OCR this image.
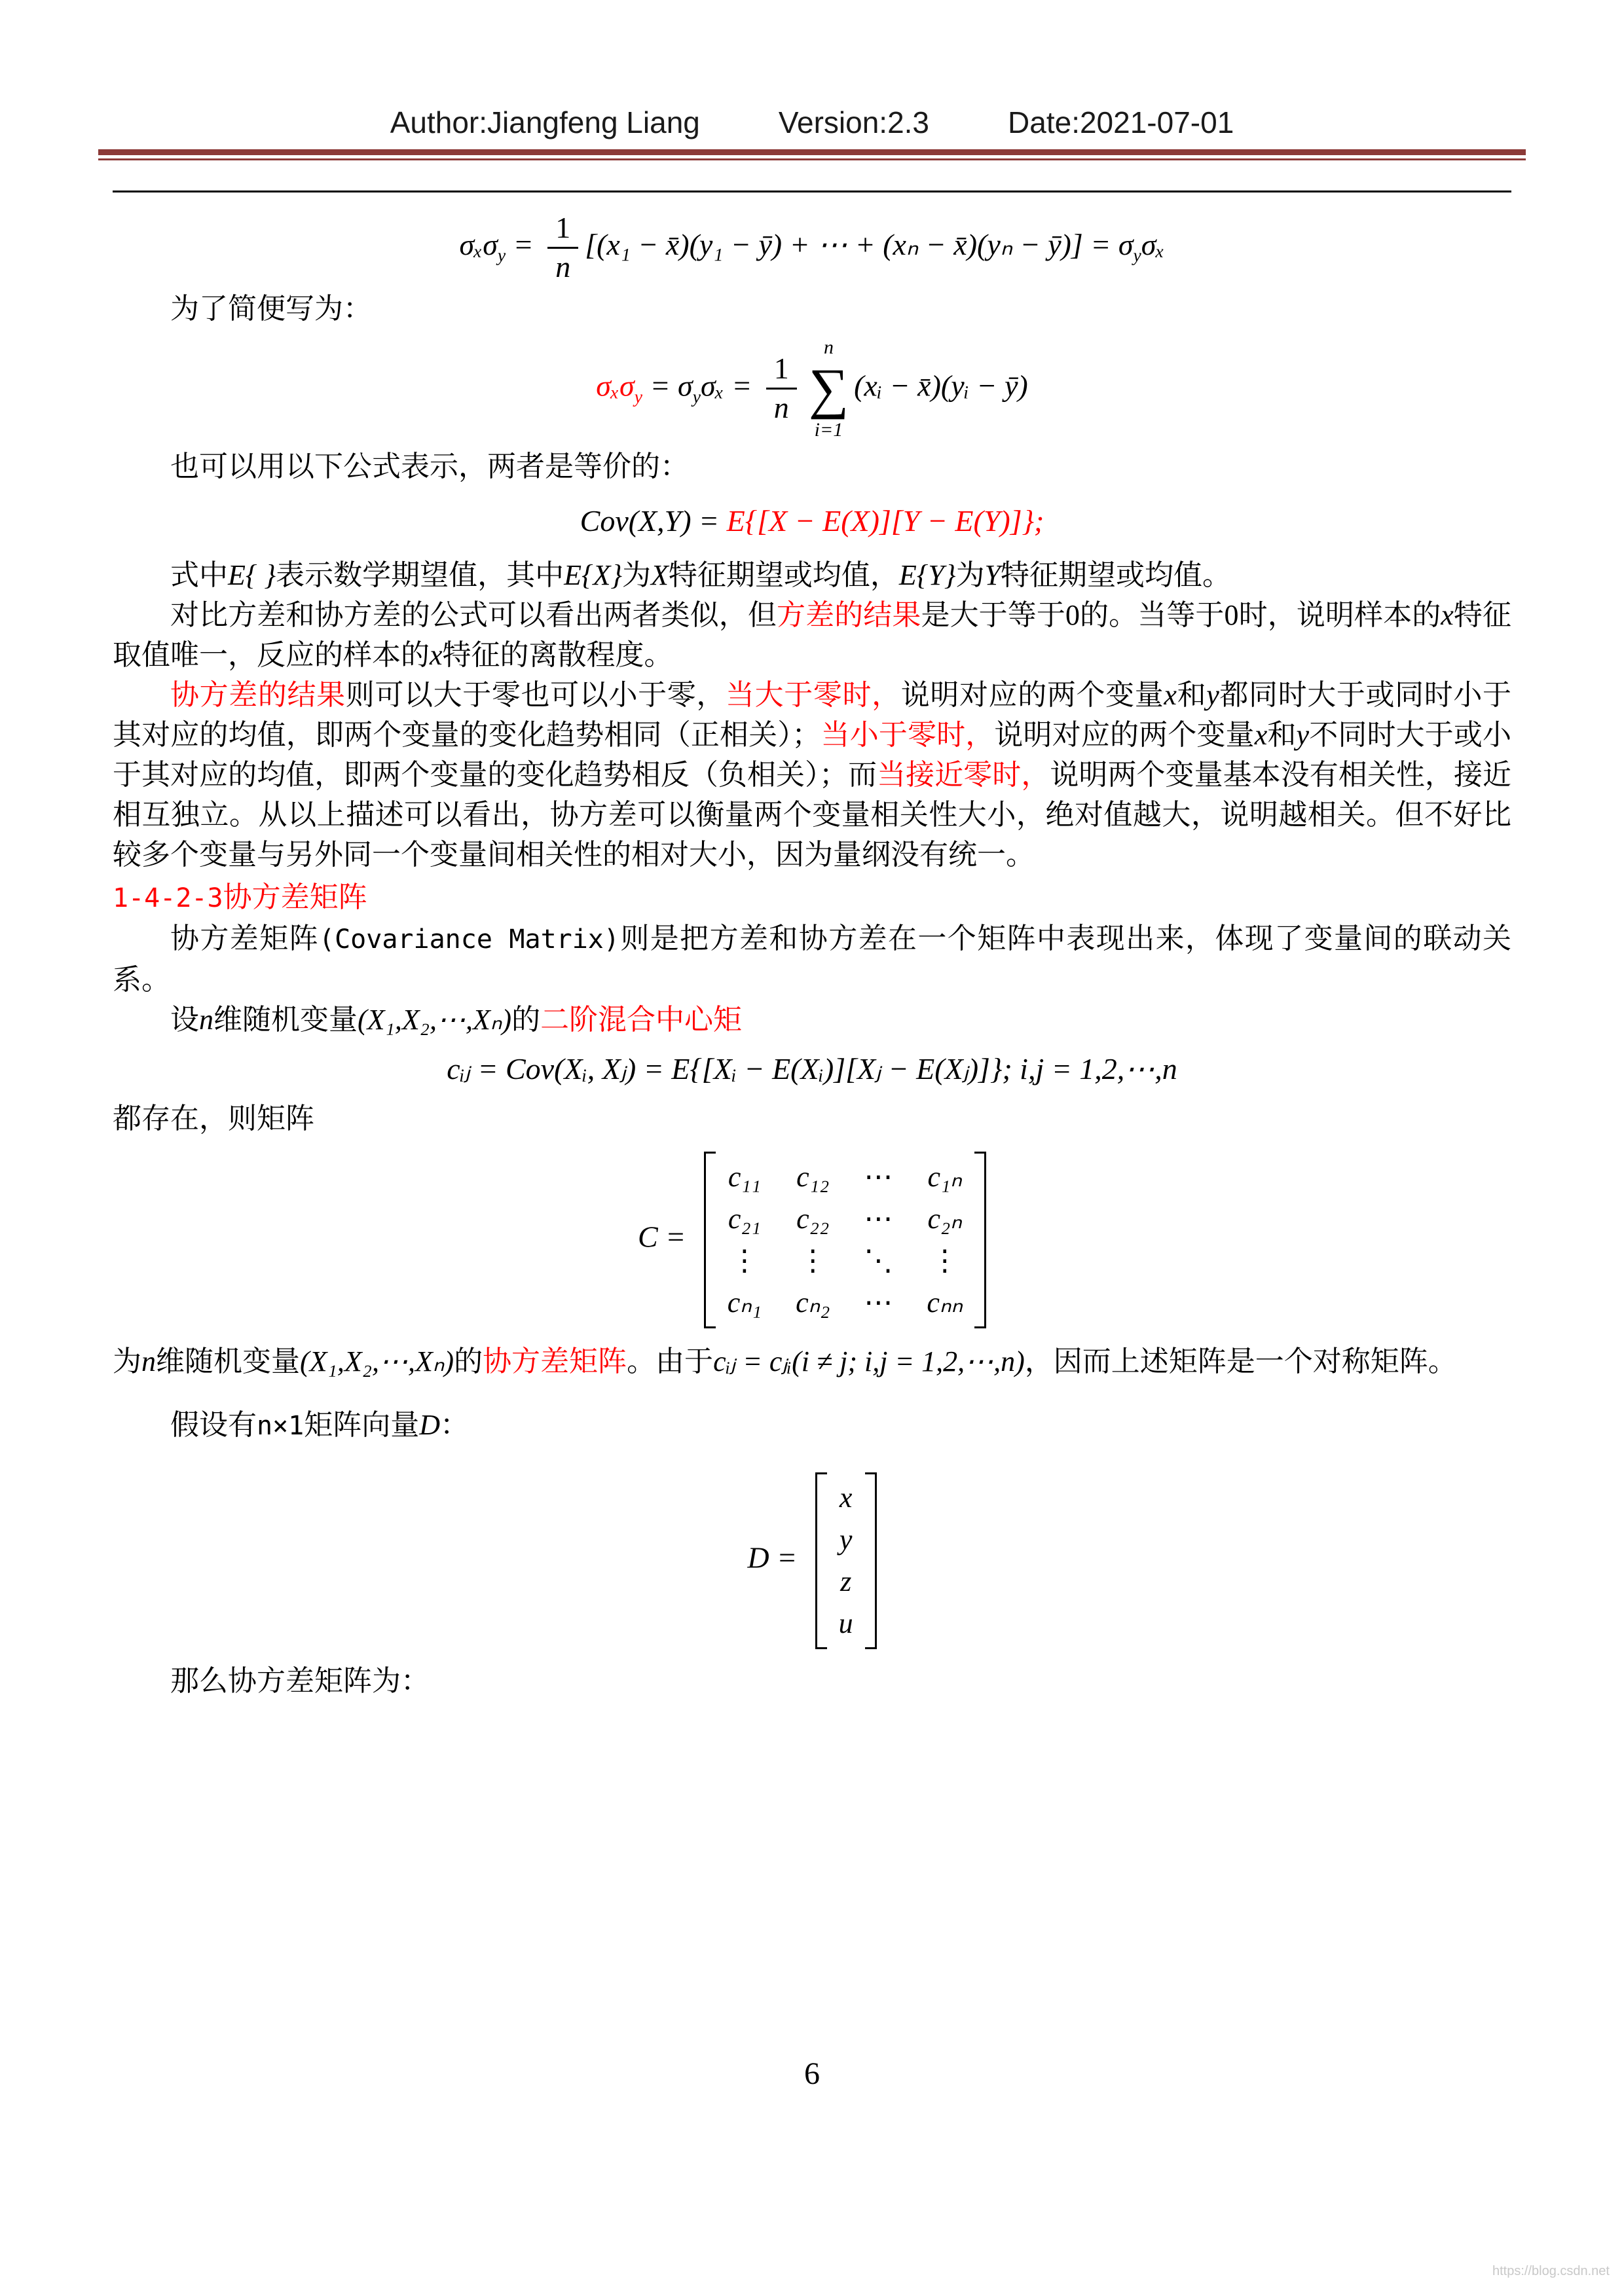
Author:Jiangfeng Liang	Version:2.3	Date:2021-07-01
$\sigma_x\sigma_y = \frac{1}{n} [(x_1$ − x̄)(y₁ − ȳ) + ⋯ + (xₙ − x̄)(yₙ − ȳ)] = $\sigma_y\sigma_x$

为了简便写为：

$\sigma_x\sigma_y = \sigma_y\sigma_x = \frac{1}{n}$
n
∑
i=1
(xᵢ − x̄)(yᵢ − ȳ)

也可以用以下公式表示，两者是等价的：

Cov(X,Y) = E{[X − E(X)][Y − E(Y)]};

式中E{ }表示数学期望值，其中E{X}为X特征期望或均值，E{Y}为Y特征期望或均值。

对比方差和协方差的公式可以看出两者类似，但方差的结果是大于等于0的。当等于0时，说明样本的x特征取值唯一，反应的样本的x特征的离散程度。

协方差的结果则可以大于零也可以小于零，当大于零时，说明对应的两个变量x和y都同时大于或同时小于其对应的均值，即两个变量的变化趋势相同（正相关）；当小于零时，说明对应的两个变量x和y不同时大于或小于其对应的均值，即两个变量的变化趋势相反（负相关）；而当接近零时，说明两个变量基本没有相关性，接近相互独立。从以上描述可以看出，协方差可以衡量两个变量相关性大小，绝对值越大，说明越相关。但不好比较多个变量与另外同一个变量间相关性的相对大小，因为量纲没有统一。

1-4-2-3协方差矩阵

协方差矩阵(Covariance Matrix)则是把方差和协方差在一个矩阵中表现出来，体现了变量间的联动关系。

设n维随机变量(X₁,X₂,⋯,Xₙ)的二阶混合中心矩

cᵢⱼ = Cov(Xᵢ, Xⱼ) = E{[Xᵢ − E(Xᵢ)][Xⱼ − E(Xⱼ)]}; i,j = 1,2,⋯,n

都存在，则矩阵

C =
c₁₁ c₁₂ ⋯ c₁ₙ
c₂₁ c₂₂ ⋯ c₂ₙ
⋮ ⋮ ⋱ ⋮
cₙ₁ cₙ₂ ⋯ cₙₙ

为n维随机变量(X₁,X₂,⋯,Xₙ)的协方差矩阵。由于cᵢⱼ = cⱼᵢ(i ≠ j; i,j = 1,2,⋯,n)，因而上述矩阵是一个对称矩阵。

假设有n×1矩阵向量D：

D =
x
y
z
u

那么协方差矩阵为：

6
https://blog.csdn.net
